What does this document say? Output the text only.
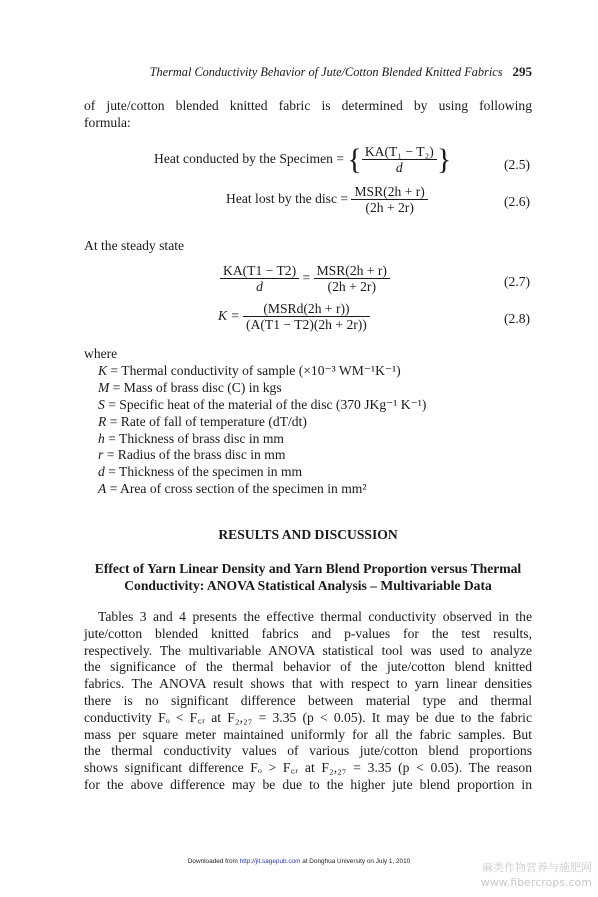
Thermal Conductivity Behavior of Jute/Cotton Blended Knitted Fabrics 295
of jute/cotton blended knitted fabric is determined by using following
formula:
Heat conducted by the Specimen = { $\frac{\text{KA(T₁ − T₂)}}{d}$ }	(2.5)
Heat lost by the disc = $\frac{\text{MSR(2h + r)}}{(2h + 2r)}$	(2.6)
At the steady state
$\frac{KA(T1 - T2)}{d} = \frac{\text{MSR(2h + r)}}{(2h + 2r)}$	(2.7)
$K = \frac{\text{(MSRd(2h + r))}}{(A(T1 - T2)(2h + 2r))}$	(2.8)
where
K = Thermal conductivity of sample (×10⁻³ WM⁻¹K⁻¹)
M = Mass of brass disc (C) in kgs
S = Specific heat of the material of the disc (370 JKg⁻¹ K⁻¹)
R = Rate of fall of temperature (dT/dt)
h = Thickness of brass disc in mm
r = Radius of the brass disc in mm
d = Thickness of the specimen in mm
A = Area of cross section of the specimen in mm²
RESULTS AND DISCUSSION
Effect of Yarn Linear Density and Yarn Blend Proportion versus Thermal
Conductivity: ANOVA Statistical Analysis – Multivariable Data
Tables 3 and 4 presents the effective thermal conductivity observed in the
jute/cotton blended knitted fabrics and p-values for the test results,
respectively. The multivariable ANOVA statistical tool was used to analyze
the significance of the thermal behavior of the jute/cotton blend knitted
fabrics. The ANOVA result shows that with respect to yarn linear densities
there is no significant difference between material type and thermal
conductivity Fₒ < F꜀ᵣ at F₂,₂₇ = 3.35 (p < 0.05). It may be due to the fabric
mass per square meter maintained uniformly for all the fabric samples. But
the thermal conductivity values of various jute/cotton blend proportions
shows significant difference Fₒ > F꜀ᵣ at F₂,₂₇ = 3.35 (p < 0.05). The reason
for the above difference may be due to the higher jute blend proportion in
Downloaded from http://jit.sagepub.com at Donghua University on July 1, 2010	麻类作物营养与施肥网
www.fibercrops.com
